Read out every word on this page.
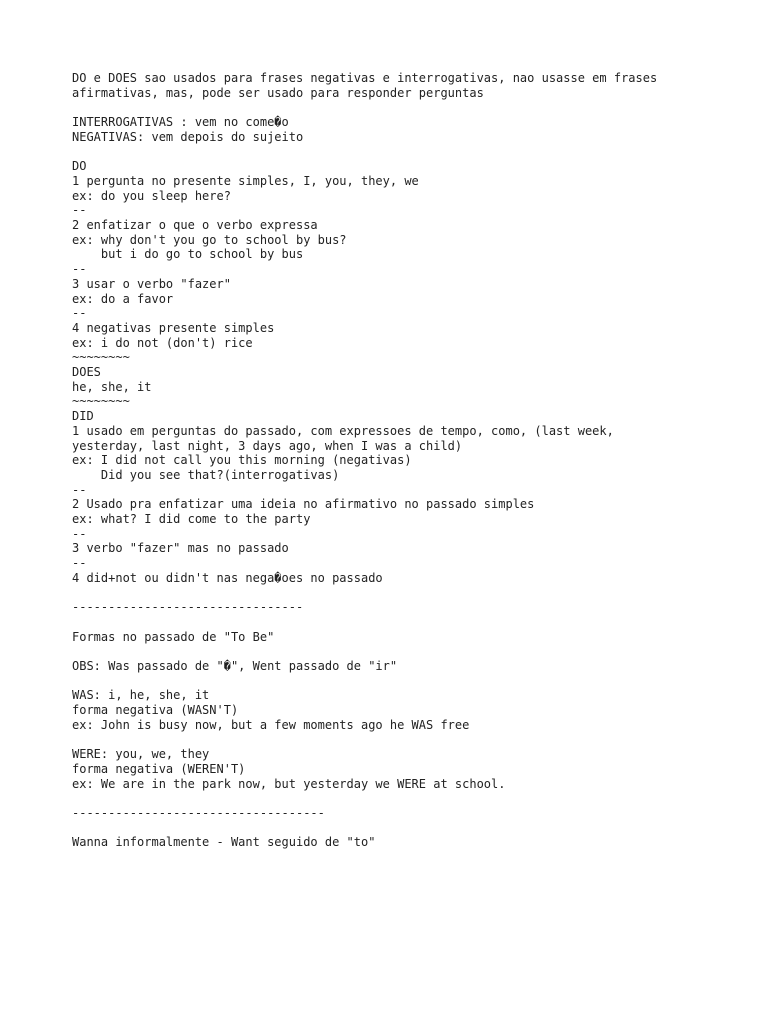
DO e DOES sao usados para frases negativas e interrogativas, nao usasse em frases
afirmativas, mas, pode ser usado para responder perguntas
INTERROGATIVAS : vem no come�o
NEGATIVAS: vem depois do sujeito
DO
1 pergunta no presente simples, I, you, they, we
ex: do you sleep here?
--
2 enfatizar o que o verbo expressa
ex: why don't you go to school by bus?
but i do go to school by bus
--
3 usar o verbo "fazer"
ex: do a favor
--
4 negativas presente simples
ex: i do not (don't) rice
~~~~~~~~
DOES
he, she, it
~~~~~~~~
DID
1 usado em perguntas do passado, com expressoes de tempo, como, (last week,
yesterday, last night, 3 days ago, when I was a child)
ex: I did not call you this morning (negativas)
Did you see that?(interrogativas)
--
2 Usado pra enfatizar uma ideia no afirmativo no passado simples
ex: what? I did come to the party
--
3 verbo "fazer" mas no passado
--
4 did+not ou didn't nas nega�oes no passado
--------------------------------
Formas no passado de "To Be"
OBS: Was passado de "�", Went passado de "ir"
WAS: i, he, she, it
forma negativa (WASN'T)
ex: John is busy now, but a few moments ago he WAS free
WERE: you, we, they
forma negativa (WEREN'T)
ex: We are in the park now, but yesterday we WERE at school.
-----------------------------------
Wanna informalmente - Want seguido de "to"
